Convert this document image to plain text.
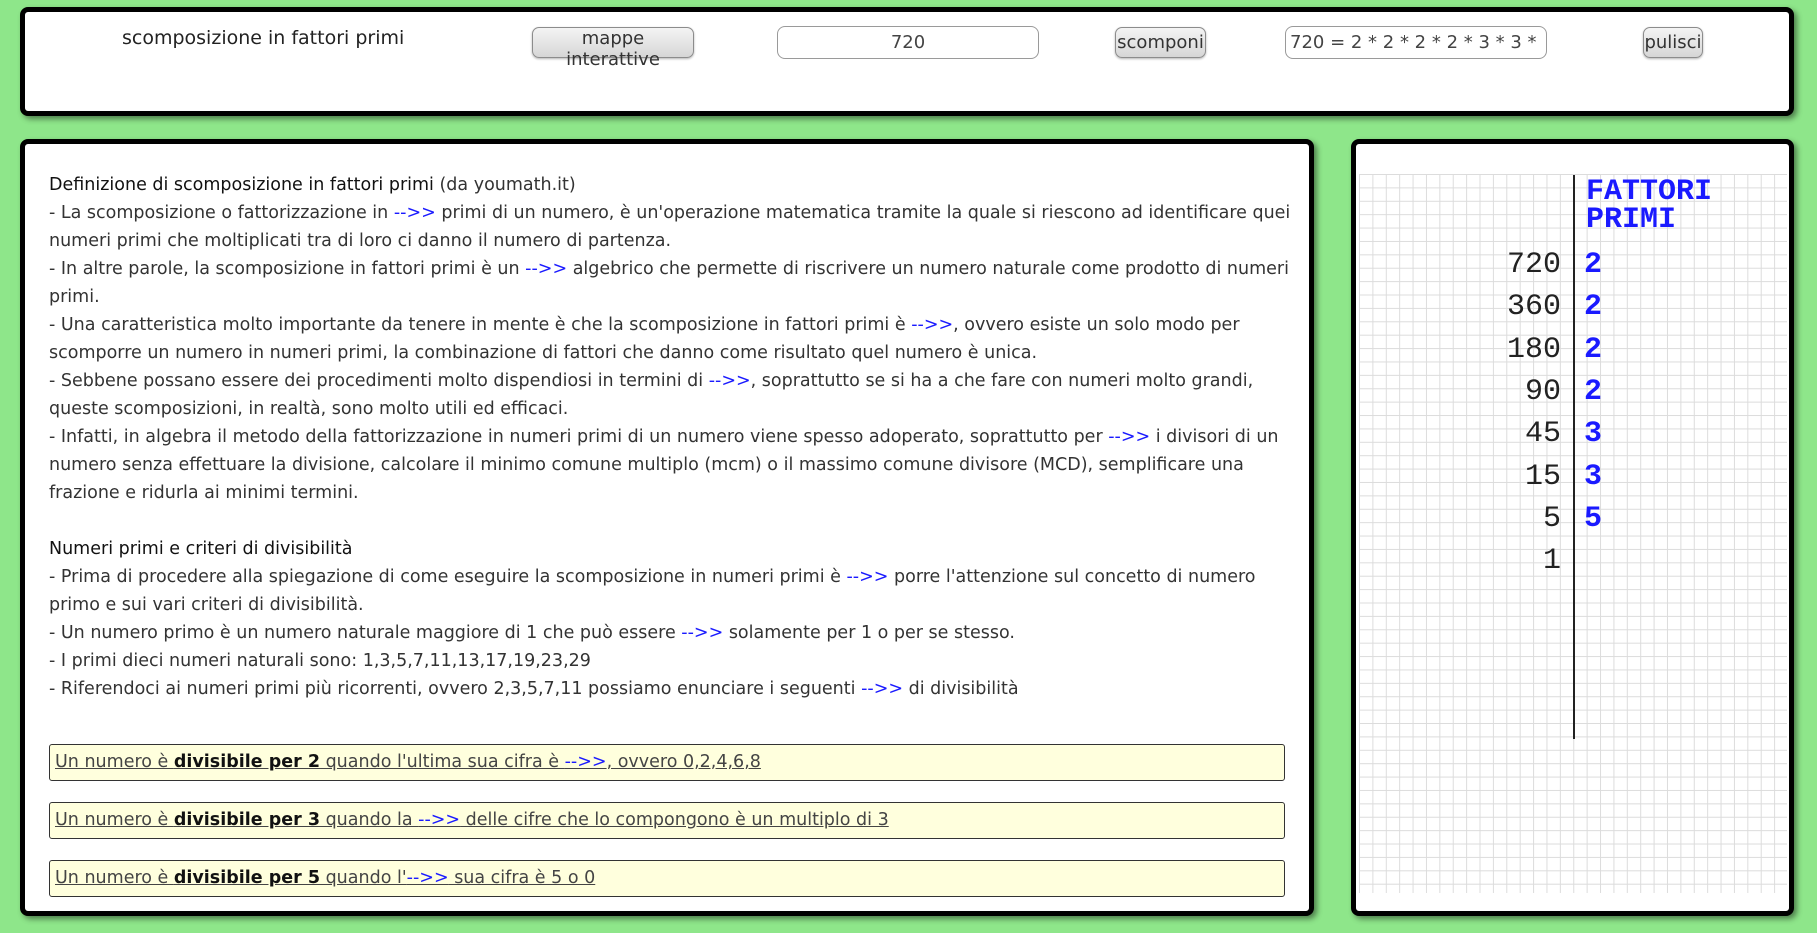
scomposizione in fattori primi	mappe interattive
720
scomponi
720 = 2 * 2 * 2 * 2 * 3 * 3 * 5	pulisci

Definizione di scomposizione in fattori primi (da youmath.it)

- La scomposizione o fattorizzazione in -->> primi di un numero, è un'operazione matematica tramite la quale si riescono ad identificare quei numeri primi che moltiplicati tra di loro ci danno il numero di partenza.

- In altre parole, la scomposizione in fattori primi è un -->> algebrico che permette di riscrivere un numero naturale come prodotto di numeri primi.

- Una caratteristica molto importante da tenere in mente è che la scomposizione in fattori primi è -->>, ovvero esiste un solo modo per scomporre un numero in numeri primi, la combinazione di fattori che danno come risultato quel numero è unica.

- Sebbene possano essere dei procedimenti molto dispendiosi in termini di -->>, soprattutto se si ha a che fare con numeri molto grandi, queste scomposizioni, in realtà, sono molto utili ed efficaci.

- Infatti, in algebra il metodo della fattorizzazione in numeri primi di un numero viene spesso adoperato, soprattutto per -->> i divisori di un numero senza effettuare la divisione, calcolare il minimo comune multiplo (mcm) o il massimo comune divisore (MCD), semplificare una frazione e ridurla ai minimi termini.

Numeri primi e criteri di divisibilità

- Prima di procedere alla spiegazione di come eseguire la scomposizione in numeri primi è -->> porre l'attenzione sul concetto di numero primo e sui vari criteri di divisibilità.

- Un numero primo è un numero naturale maggiore di 1 che può essere -->> solamente per 1 o per se stesso.

- I primi dieci numeri naturali sono: 1,3,5,7,11,13,17,19,23,29

- Riferendoci ai numeri primi più ricorrenti, ovvero 2,3,5,7,11 possiamo enunciare i seguenti -->> di divisibilità

Un numero è divisibile per 2 quando l'ultima sua cifra è -->>, ovvero 0,2,4,6,8
Un numero è divisibile per 3 quando la -->> delle cifre che lo compongono è un multiplo di 3
Un numero è divisibile per 5 quando l'-->> sua cifra è 5 o 0
FATTORI
PRIMI
720 2
360 2
180 2
90 2
45 3
15 3
5 5
1
